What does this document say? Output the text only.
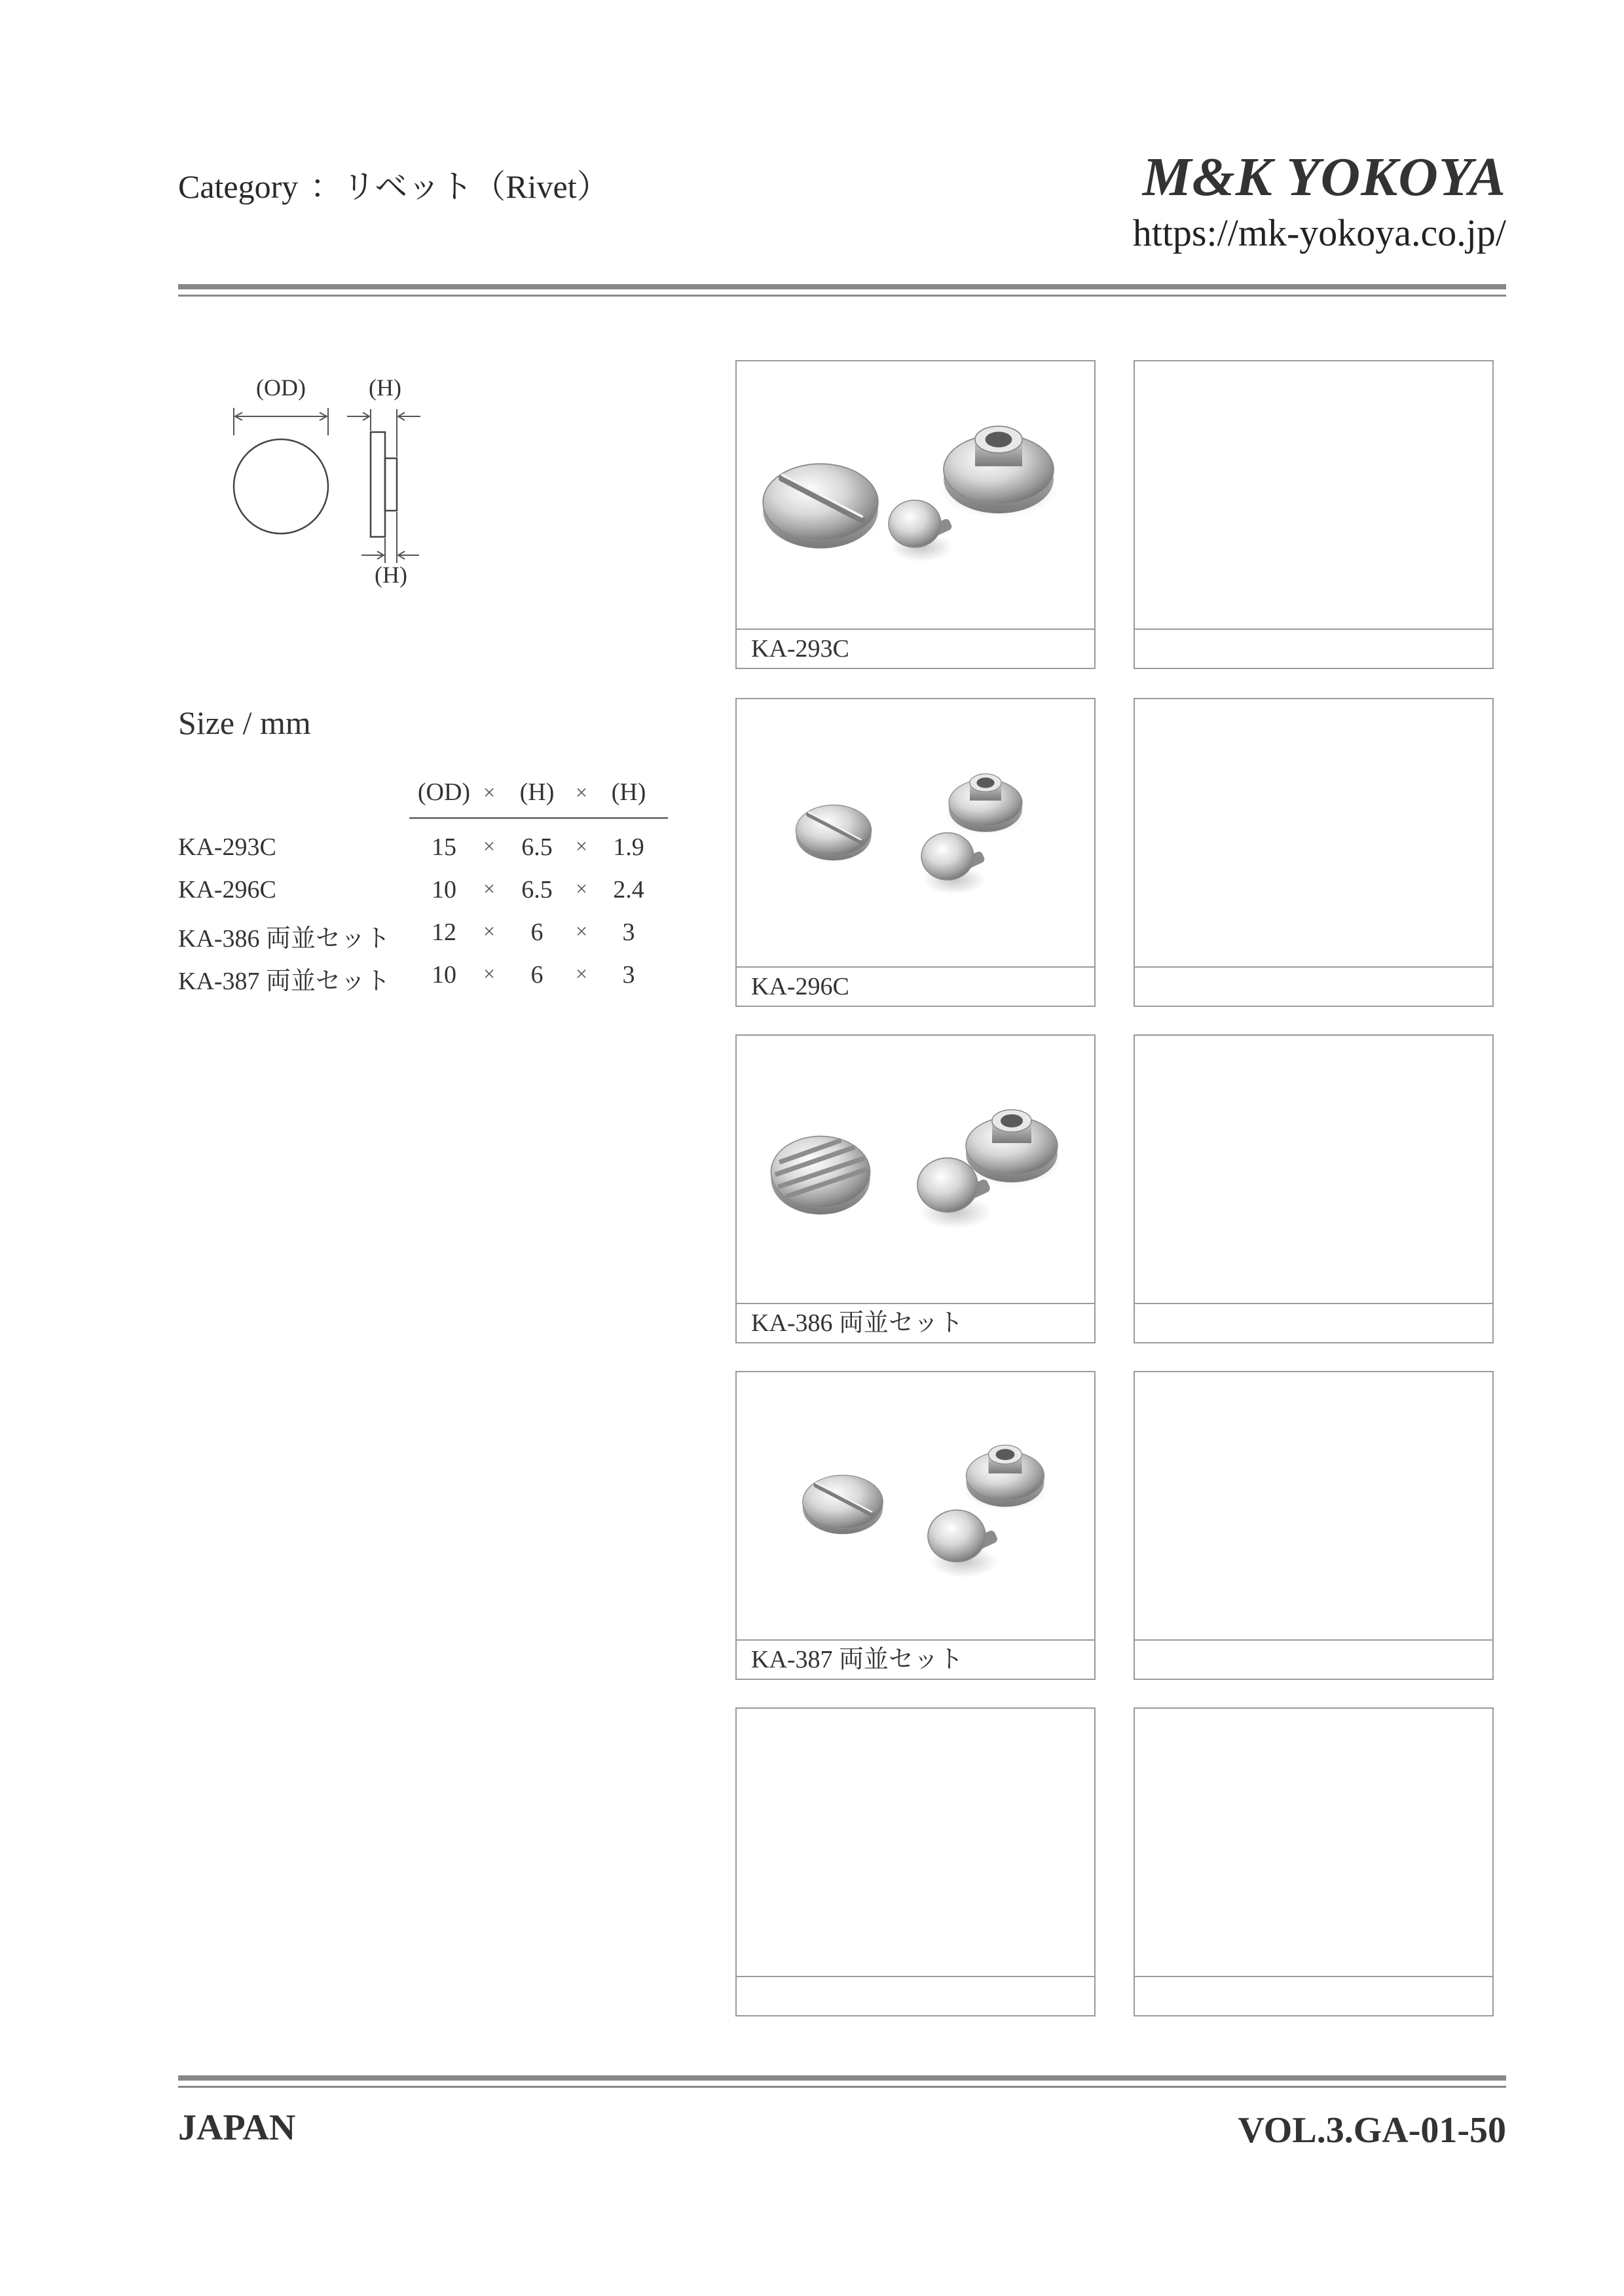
Category ：リベット（Rivet）	M&K YOKOYA
https://mk-yokoya.co.jp/
(OD)	(H)
(H)
Size / mm
(OD) × (H) × (H)
KA-293C	15	×	6.5	×	1.9
KA-296C	10	×	6.5	×	2.4
KA-386 両並セット	12	×	6	×	3
KA-387 両並セット	10	×	6	×	3
KA-293C
KA-296C
KA-386 両並セット
KA-387 両並セット
JAPAN	VOL.3.GA-01-50
